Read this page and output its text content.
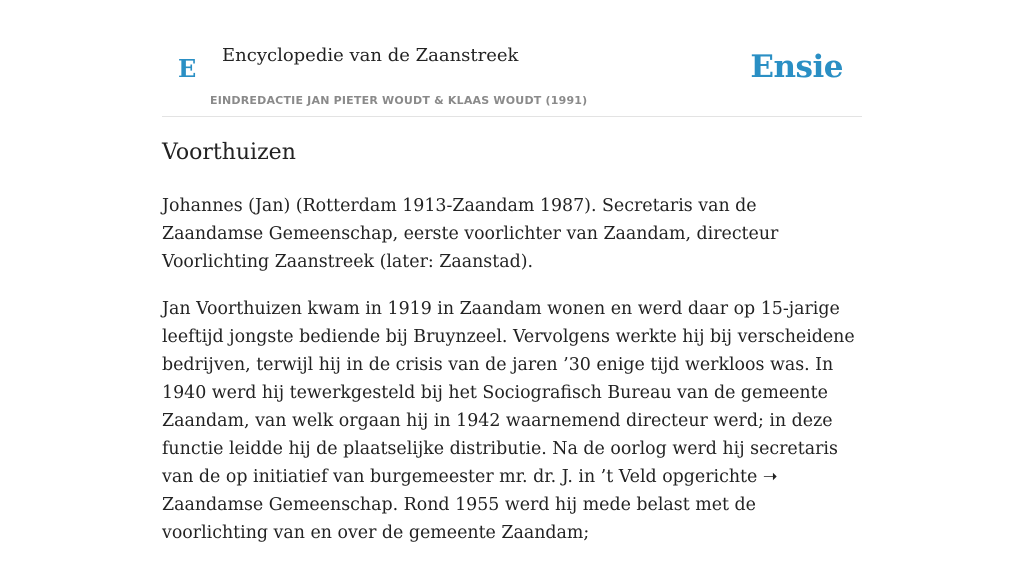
E Encyclopedie van de Zaanstreek
EINDREDACTIE JAN PIETER WOUDT & KLAAS WOUDT (1991)
Ensie
Voorthuizen

Johannes (Jan) (Rotterdam 1913-Zaandam 1987). Secretaris van de Zaandamse Gemeenschap, eerste voorlichter van Zaandam, directeur Voorlichting Zaanstreek (later: Zaanstad).

Jan Voorthuizen kwam in 1919 in Zaandam wonen en werd daar op 15-jarige leeftijd jongste bediende bij Bruynzeel. Vervolgens werkte hij bij verscheidene bedrijven, terwijl hij in de crisis van de jaren ’30 enige tijd werkloos was. In 1940 werd hij tewerkgesteld bij het Sociografisch Bureau van de gemeente Zaandam, van welk orgaan hij in 1942 waarnemend directeur werd; in deze functie leidde hij de plaatselijke distributie. Na de oorlog werd hij secretaris van de op initiatief van burgemeester mr. dr. J. in ’t Veld opgerichte ➝ Zaandamse Gemeenschap. Rond 1955 werd hij mede belast met de voorlichting van en over de gemeente Zaandam;
